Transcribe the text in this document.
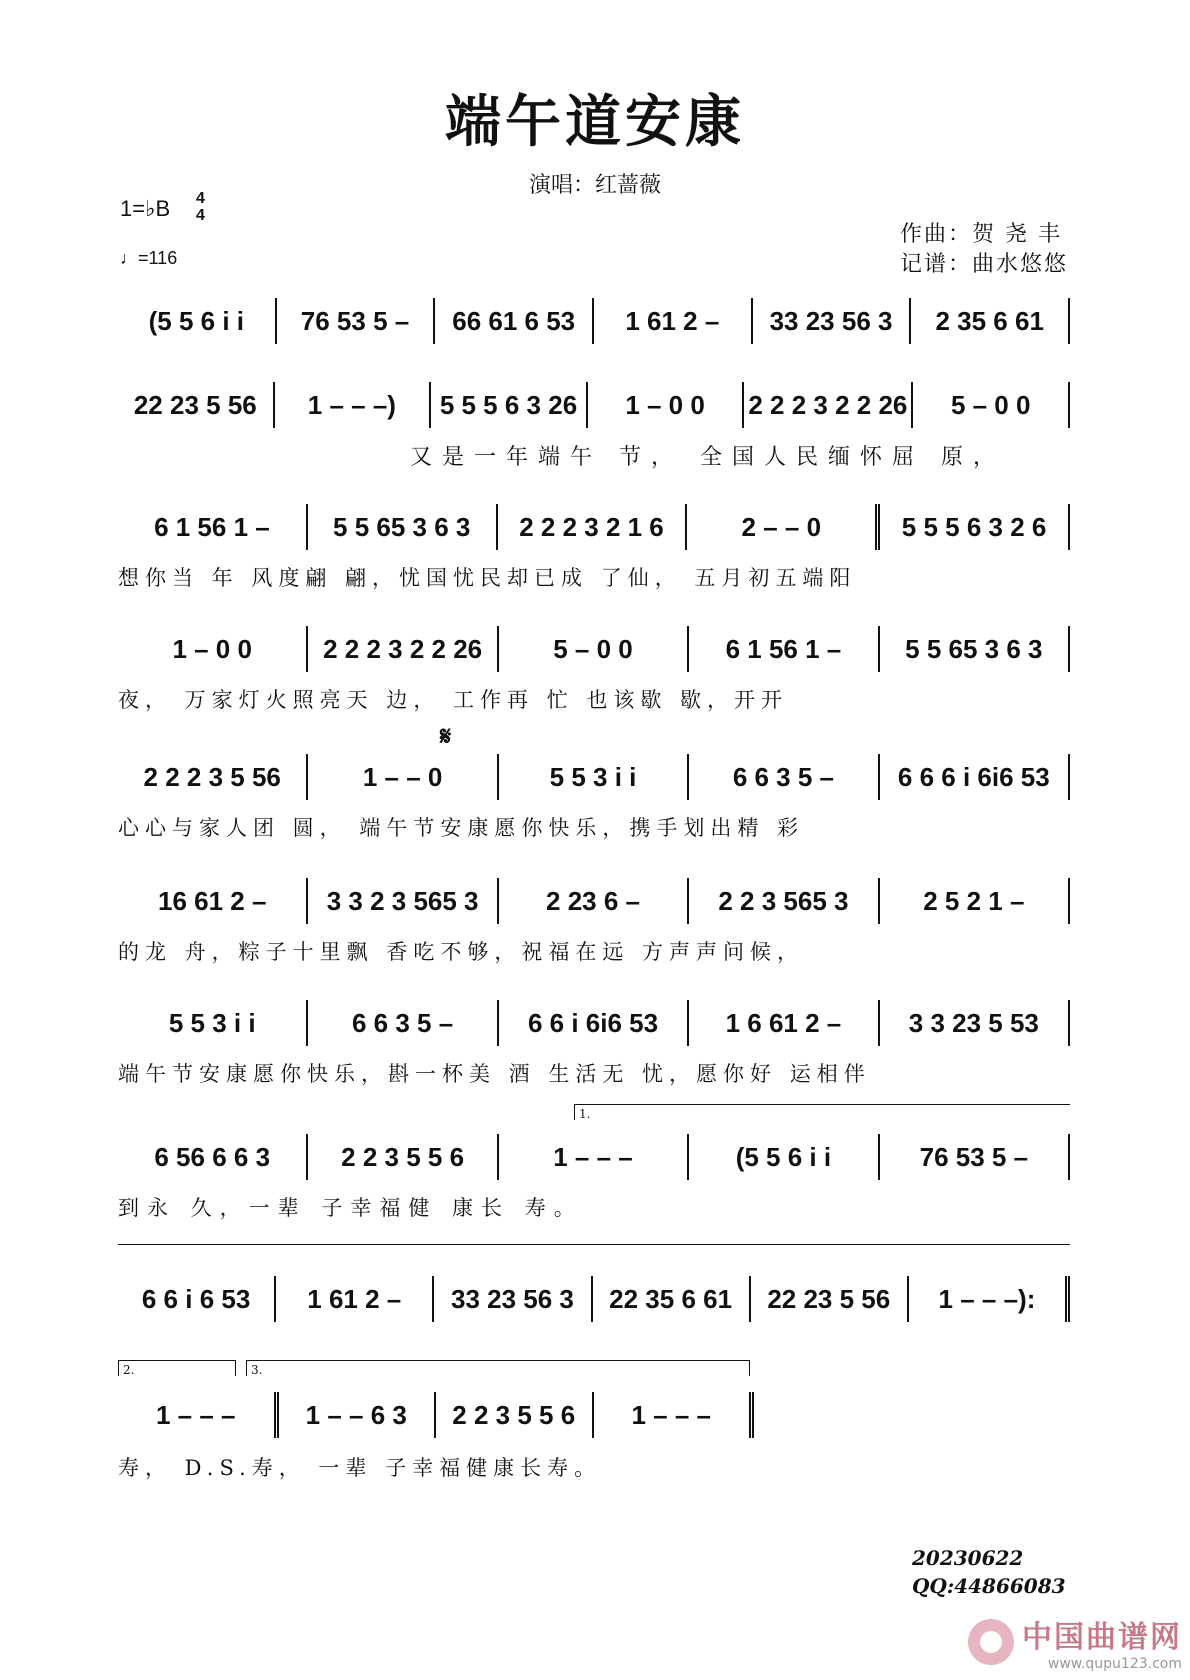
端午道安康
演唱：红蔷薇
1=♭B 4
4
♩=116
作曲：贺 尧 丰
记谱：曲水悠悠
(5 5 6 i i 76 53 5 – 66 61 6 53 1 61 2 – 33 23 56 3 2 35 6 61
22 23 5 56 1 – – –) 5 5 5 6 3 26 1 – 0 0 2 2 2 3 2 2 26 5 – 0 0
又是一年端午 节， 全国人民缅怀屈 原，
6 1 56 1 – 5 5 65 3 6 3 2 2 2 3 2 1 6	2 – – 0	5 5 5 6 3 2 6
想你当 年 风度翩 翩，忧国忧民却已成 了仙， 五月初五端阳
1 – 0 0	2 2 2 3 2 2 26	5 – 0 0	6 1 56 1 – 5 5 65 3 6 3
夜， 万家灯火照亮天 边， 工作再 忙 也该歇 歇，开开
𝄋
2 2 2 3 5 56	1 – – 0	5 5 3 i i	6 6 3 5 – 6 6 6 i 6i6 53
心心与家人团 圆， 端午节安康愿你快乐，携手划出精 彩
16 61 2 – 3 3 2 3 565 3	2 23 6 –	2 2 3 565 3	2 5 2 1 –
的龙 舟，粽子十里飘 香吃不够，祝福在远 方声声问候，
5 5 3 i i	6 6 3 5 –	6 6 i 6i6 53	1 6 61 2 –	3 3 23 5 53
端午节安康愿你快乐，斟一杯美 酒 生活无 忧，愿你好 运相伴
1.
6 56 6 6 3	2 2 3 5 5 6	1 – – –	(5 5 6 i i	76 53 5 –
到永 久，一辈 子幸福健 康长 寿。
6 6 i 6 53 1 61 2 – 33 23 56 3 22 35 6 61 22 23 5 56 1 – – –):
2.	3.
1 – – –	1 – – 6 3 2 2 3 5 5 6 1 – – –
寿， D.S.寿， 一辈 子幸福健康长寿。
20230622
QQ:44866083
中国曲谱网
www.qupu123.com
